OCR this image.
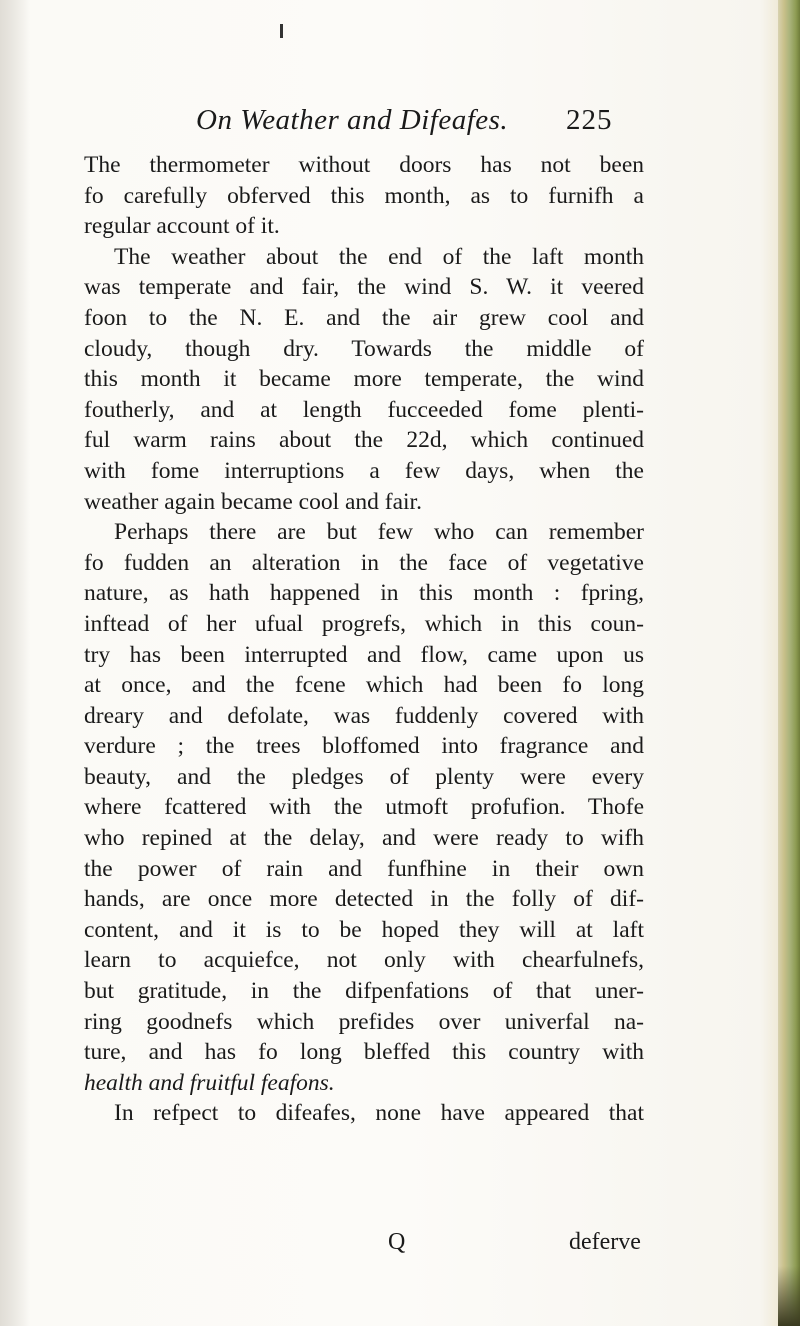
On Weather and Difeafes. 225
The thermometer without doors has not been
fo carefully obferved this month, as to furnifh a
regular account of it.
The weather about the end of the laft month
was temperate and fair, the wind S. W. it veered
foon to the N. E. and the air grew cool and
cloudy, though dry. Towards the middle of
this month it became more temperate, the wind
foutherly, and at length fucceeded fome plenti-
ful warm rains about the 22d, which continued
with fome interruptions a few days, when the
weather again became cool and fair.
Perhaps there are but few who can remember
fo fudden an alteration in the face of vegetative
nature, as hath happened in this month : fpring,
inftead of her ufual progrefs, which in this coun-
try has been interrupted and flow, came upon us
at once, and the fcene which had been fo long
dreary and defolate, was fuddenly covered with
verdure ; the trees bloffomed into fragrance and
beauty, and the pledges of plenty were every
where fcattered with the utmoft profufion. Thofe
who repined at the delay, and were ready to wifh
the power of rain and funfhine in their own
hands, are once more detected in the folly of dif-
content, and it is to be hoped they will at laft
learn to acquiefce, not only with chearfulnefs,
but gratitude, in the difpenfations of that uner-
ring goodnefs which prefides over univerfal na-
ture, and has fo long bleffed this country with
health and fruitful feafons.
In refpect to difeafes, none have appeared that
Q	deferve
